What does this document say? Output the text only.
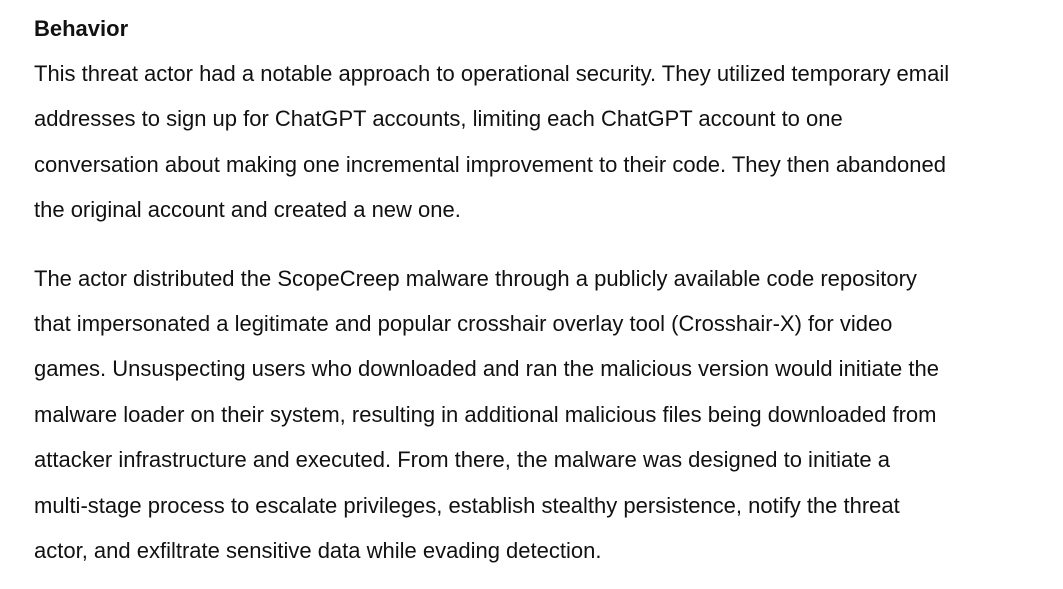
Behavior

This threat actor had a notable approach to operational security. They utilized temporary email
addresses to sign up for ChatGPT accounts, limiting each ChatGPT account to one
conversation about making one incremental improvement to their code. They then abandoned
the original account and created a new one.

The actor distributed the ScopeCreep malware through a publicly available code repository
that impersonated a legitimate and popular crosshair overlay tool (Crosshair-X) for video
games. Unsuspecting users who downloaded and ran the malicious version would initiate the
malware loader on their system, resulting in additional malicious files being downloaded from
attacker infrastructure and executed. From there, the malware was designed to initiate a
multi-stage process to escalate privileges, establish stealthy persistence, notify the threat
actor, and exfiltrate sensitive data while evading detection.
